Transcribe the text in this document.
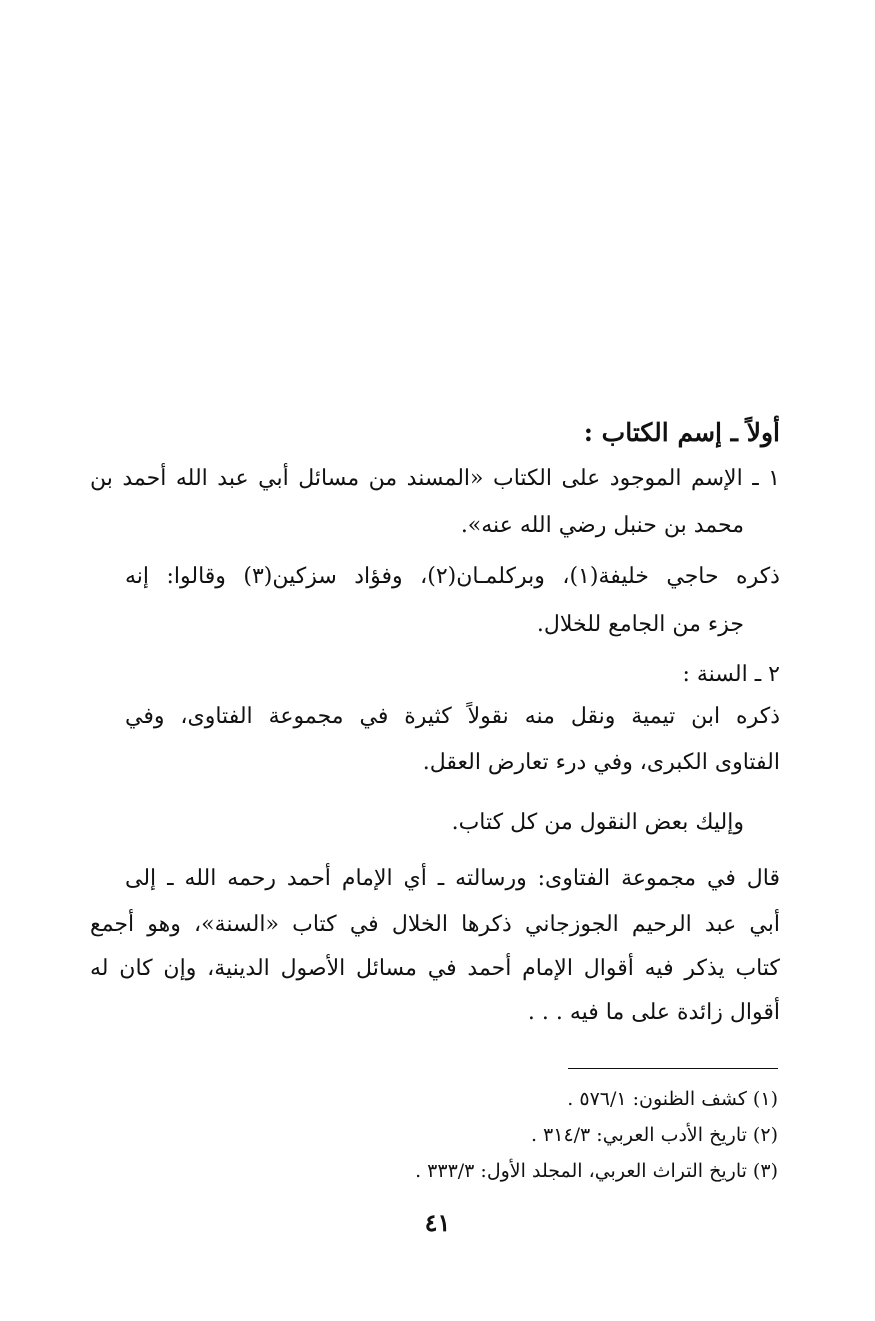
أولاً ـ إسم الكتاب :
١ ـ الإسم الموجود على الكتاب «المسند من مسائل أبي عبد الله أحمد بن
محمد بن حنبل رضي الله عنه».
ذكره حاجي خليفة(١)، وبركلمـان(٢)، وفؤاد سزكين(٣) وقالوا: إنه
جزء من الجامع للخلال.
٢ ـ السنة :
ذكره ابن تيمية ونقل منه نقولاً كثيرة في مجموعة الفتاوى، وفي
الفتاوى الكبرى، وفي درء تعارض العقل.
وإليك بعض النقول من كل كتاب.
قال في مجموعة الفتاوى: ورسالته ـ أي الإمام أحمد رحمه الله ـ إلى
أبي عبد الرحيم الجوزجاني ذكرها الخلال في كتاب «السنة»، وهو أجمع
كتاب يذكر فيه أقوال الإمام أحمد في مسائل الأصول الدينية، وإن كان له
أقوال زائدة على ما فيه . . .
(١) كشف الظنون: ٥٧٦/١ .
(٢) تاريخ الأدب العربي: ٣١٤/٣ .
(٣) تاريخ التراث العربي، المجلد الأول: ٣٣٣/٣ .
٤١
